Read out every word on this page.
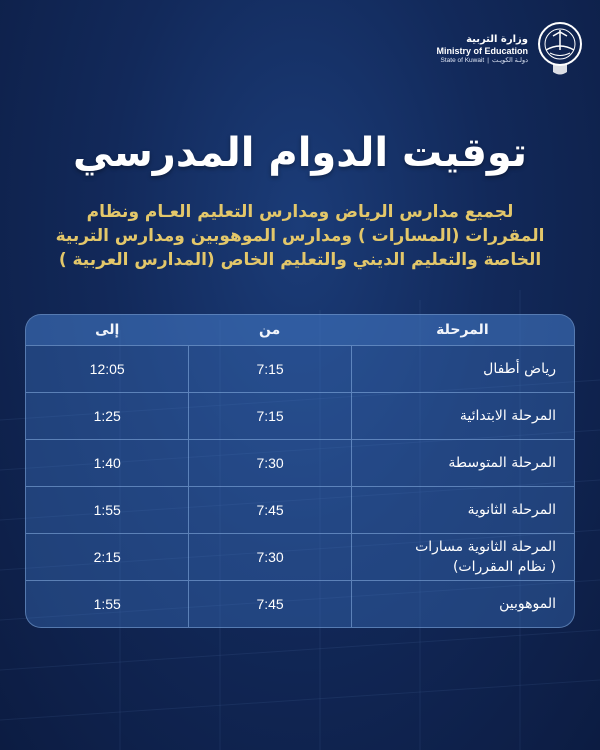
وزارة التربية
Ministry of Education
State of Kuwait | دولـة الكويـت
توقيت الدوام المدرسي
لجميع مدارس الرياض ومدارس التعليم العـام ونظام
المقررات (المسارات ) ومدارس الموهوبين ومدارس التربية
الخاصة والتعليم الديني والتعليم الخاص (المدارس العربية )
المرحلة
من
إلى
رياض أطفال
7:15
12:05
المرحلة الابتدائية
7:15
1:25
المرحلة المتوسطة
7:30
1:40
المرحلة الثانوية
7:45
1:55
المرحلة الثانوية مسارات
( نظام المقررات)
7:30
2:15
الموهوبين
7:45
1:55
